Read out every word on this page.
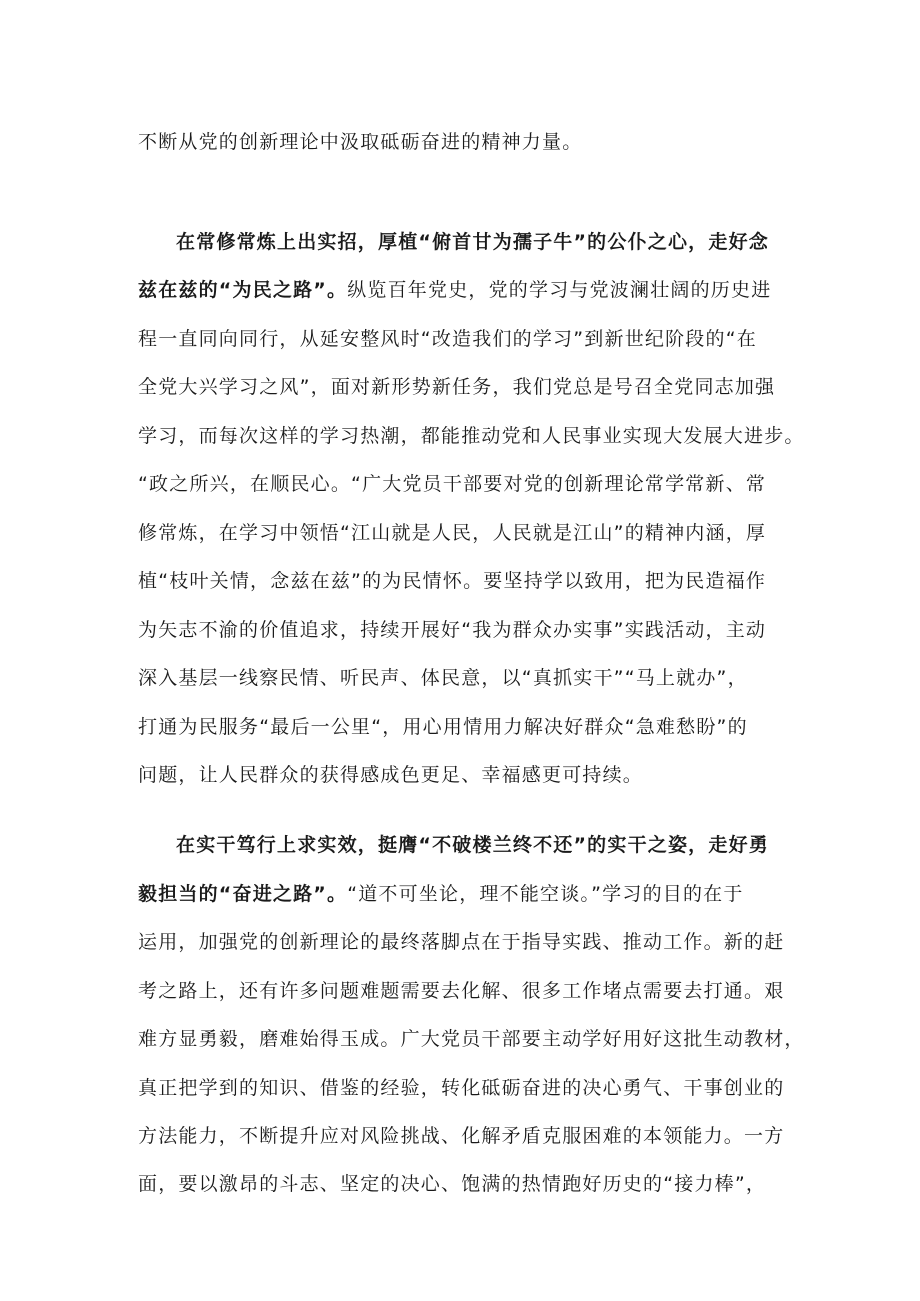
不断从党的创新理论中汲取砥砺奋进的精神力量。
在常修常炼上出实招，厚植“俯首甘为孺子牛”的公仆之心，走好念
兹在兹的“为民之路”。纵览百年党史，党的学习与党波澜壮阔的历史进
程一直同向同行，从延安整风时“改造我们的学习”到新世纪阶段的“在
全党大兴学习之风”，面对新形势新任务，我们党总是号召全党同志加强
学习，而每次这样的学习热潮，都能推动党和人民事业实现大发展大进步。
“政之所兴，在顺民心。“广大党员干部要对党的创新理论常学常新、常
修常炼，在学习中领悟“江山就是人民，人民就是江山”的精神内涵，厚
植“枝叶关情，念兹在兹”的为民情怀。要坚持学以致用，把为民造福作
为矢志不渝的价值追求，持续开展好“我为群众办实事”实践活动，主动
深入基层一线察民情、听民声、体民意，以“真抓实干”“马上就办”，
打通为民服务“最后一公里“，用心用情用力解决好群众“急难愁盼”的
问题，让人民群众的获得感成色更足、幸福感更可持续。
在实干笃行上求实效，挺膺“不破楼兰终不还”的实干之姿，走好勇
毅担当的“奋进之路”。“道不可坐论，理不能空谈。”学习的目的在于
运用，加强党的创新理论的最终落脚点在于指导实践、推动工作。新的赶
考之路上，还有许多问题难题需要去化解、很多工作堵点需要去打通。艰
难方显勇毅，磨难始得玉成。广大党员干部要主动学好用好这批生动教材，
真正把学到的知识、借鉴的经验，转化砥砺奋进的决心勇气、干事创业的
方法能力，不断提升应对风险挑战、化解矛盾克服困难的本领能力。一方
面，要以激昂的斗志、坚定的决心、饱满的热情跑好历史的“接力棒”，
